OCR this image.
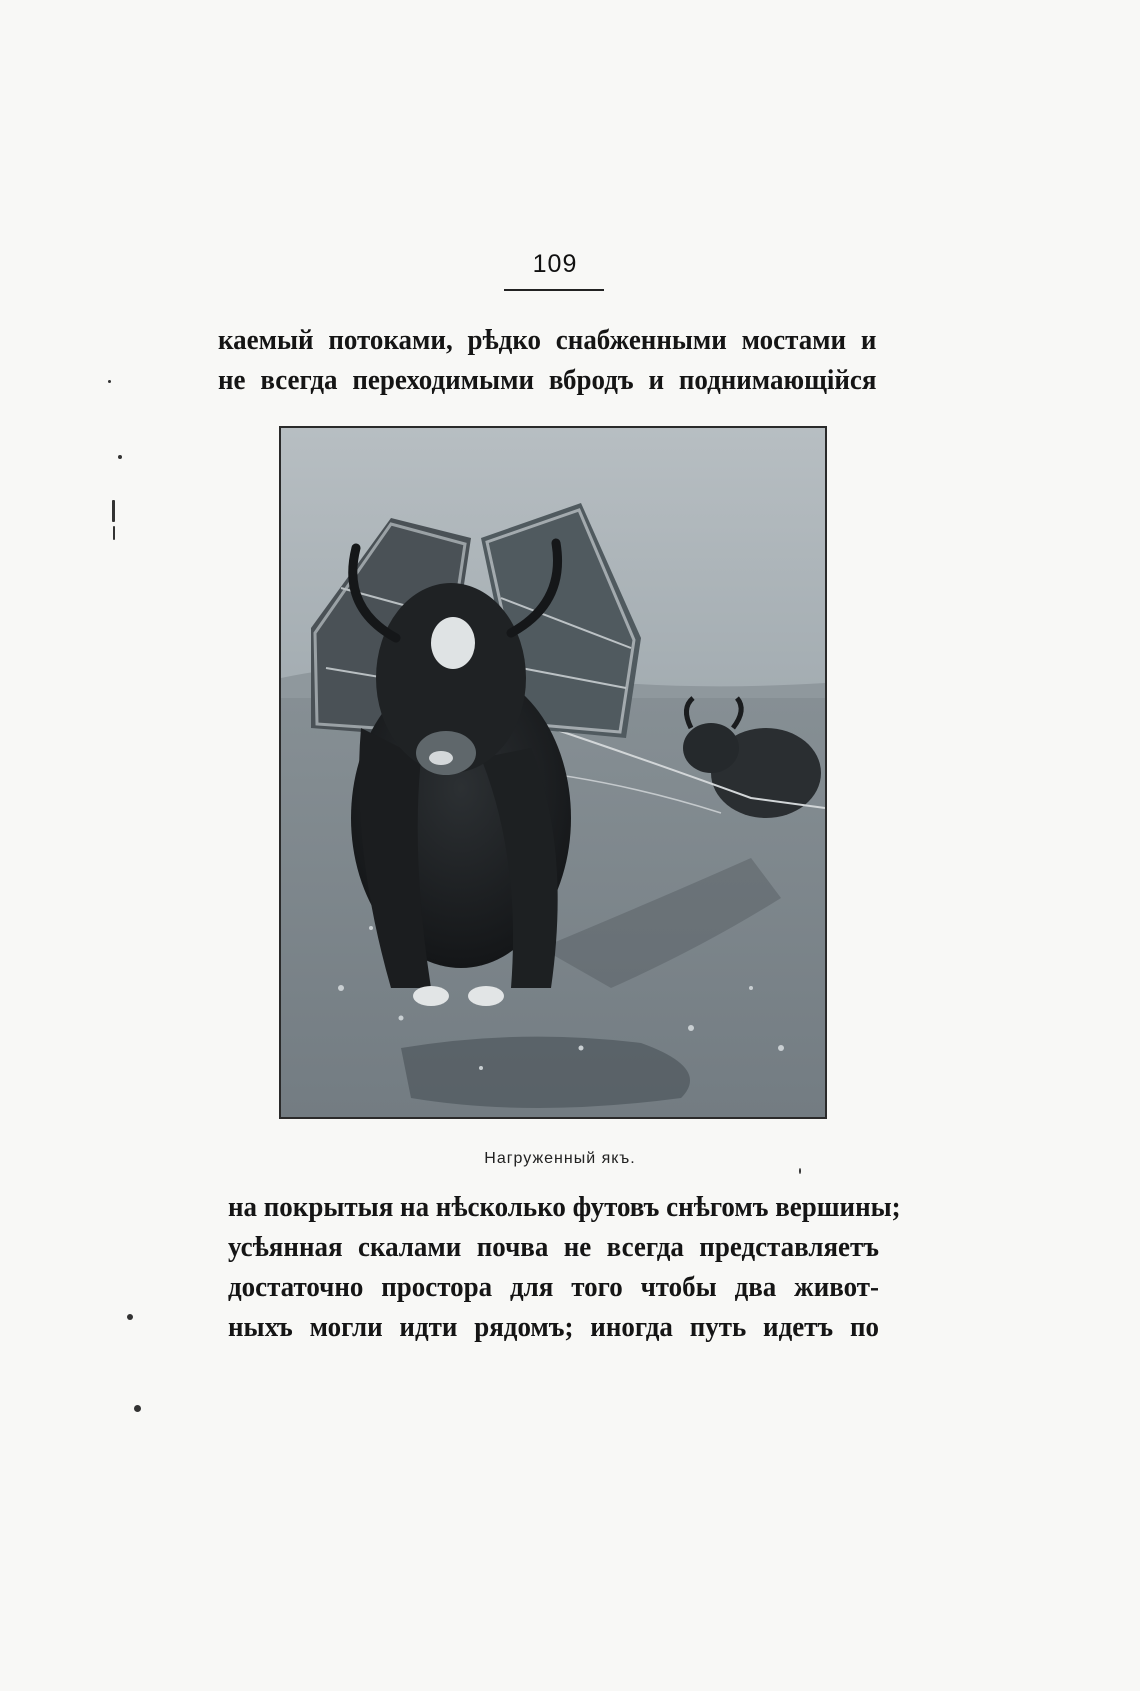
109
каемый потоками, рѣдко снабженными мостами и
не всегда переходимыми вбродъ и поднимающійся
Нагруженный якъ.
на покрытыя на нѣсколько футовъ снѣгомъ вершины;
усѣянная скалами почва не всегда представляетъ
достаточно простора для того чтобы два живот-
ныхъ могли идти рядомъ; иногда путь идетъ по
